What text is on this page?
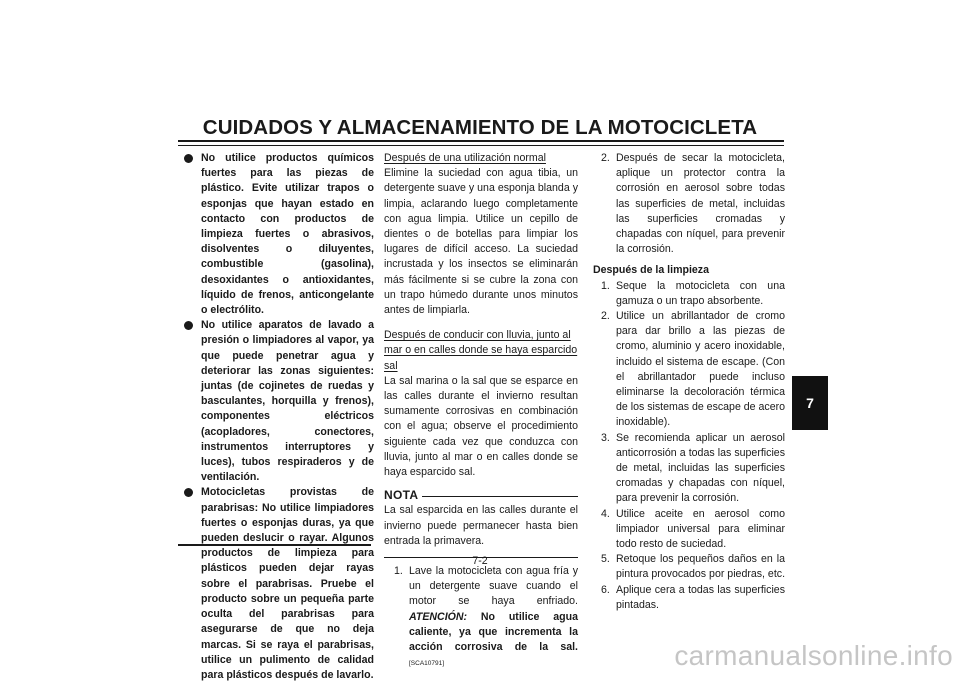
CUIDADOS Y ALMACENAMIENTO DE LA MOTOCICLETA

No utilice productos químicos fuertes para las piezas de plástico. Evite utilizar trapos o esponjas que hayan estado en contacto con productos de limpieza fuertes o abrasivos, disolventes o diluyentes, combustible (gasolina), desoxidantes o antioxidantes, líquido de frenos, anticongelante o electrólito.

No utilice aparatos de lavado a presión o limpiadores al vapor, ya que puede penetrar agua y deteriorar las zonas siguientes: juntas (de cojinetes de ruedas y basculantes, horquilla y frenos), componentes eléctricos (acopladores, conectores, instrumentos interruptores y luces), tubos respiraderos y de ventilación.

Motocicletas provistas de parabrisas: No utilice limpiadores fuertes o esponjas duras, ya que pueden deslucir o rayar. Algunos productos de limpieza para plásticos pueden dejar rayas sobre el parabrisas. Pruebe el producto sobre un pequeña parte oculta del parabrisas para asegurarse de que no deja marcas. Si se raya el parabrisas, utilice un pulimento de calidad para plásticos después de lavarlo.

Después de una utilización normal

Elimine la suciedad con agua tibia, un detergente suave y una esponja blanda y limpia, aclarando luego completamente con agua limpia. Utilice un cepillo de dientes o de botellas para limpiar los lugares de difícil acceso. La suciedad incrustada y los insectos se eliminarán más fácilmente si se cubre la zona con un trapo húmedo durante unos minutos antes de limpiarla.

Después de conducir con lluvia, junto al mar o en calles donde se haya esparcido sal

La sal marina o la sal que se esparce en las calles durante el invierno resultan sumamente corrosivas en combinación con el agua; observe el procedimiento siguiente cada vez que conduzca con lluvia, junto al mar o en calles donde se haya esparcido sal.

NOTA

La sal esparcida en las calles durante el invierno puede permanecer hasta bien entrada la primavera.

1. Lave la motocicleta con agua fría y un detergente suave cuando el motor se haya enfriado. ATENCIÓN: No utilice agua caliente, ya que incrementa la acción corrosiva de la sal. [SCA10791]
2. Después de secar la motocicleta, aplique un protector contra la corrosión en aerosol sobre todas las superficies de metal, incluidas las superficies cromadas y chapadas con níquel, para prevenir la corrosión.

Después de la limpieza

1. Seque la motocicleta con una gamuza o un trapo absorbente.
2. Utilice un abrillantador de cromo para dar brillo a las piezas de cromo, aluminio y acero inoxidable, incluido el sistema de escape. (Con el abrillantador puede incluso eliminarse la decoloración térmica de los sistemas de escape de acero inoxidable).
3. Se recomienda aplicar un aerosol anticorrosión a todas las superficies de metal, incluidas las superficies cromadas y chapadas con níquel, para prevenir la corrosión.
4. Utilice aceite en aerosol como limpiador universal para eliminar todo resto de suciedad.
5. Retoque los pequeños daños en la pintura provocados por piedras, etc.
6. Aplique cera a todas las superficies pintadas.
7-2
7
carmanualsonline.info
